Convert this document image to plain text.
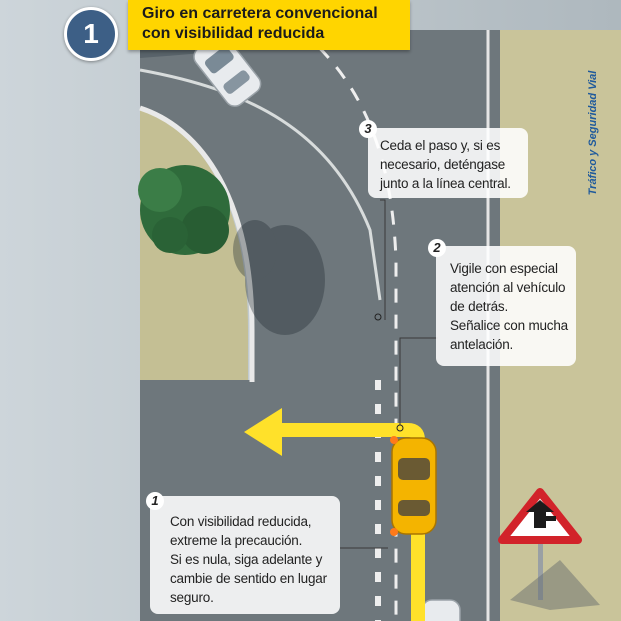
1
Giro en carretera convencional
con visibilidad reducida
Tráfico y Seguridad Vial
3
Ceda el paso y, si es
necesario, deténgase
junto a la línea central.
2
Vigile con especial
atención al vehículo
de detrás.
Señalice con mucha
antelación.
1
Con visibilidad reducida,
extreme la precaución.
Si es nula, siga adelante y
cambie de sentido en lugar
seguro.
